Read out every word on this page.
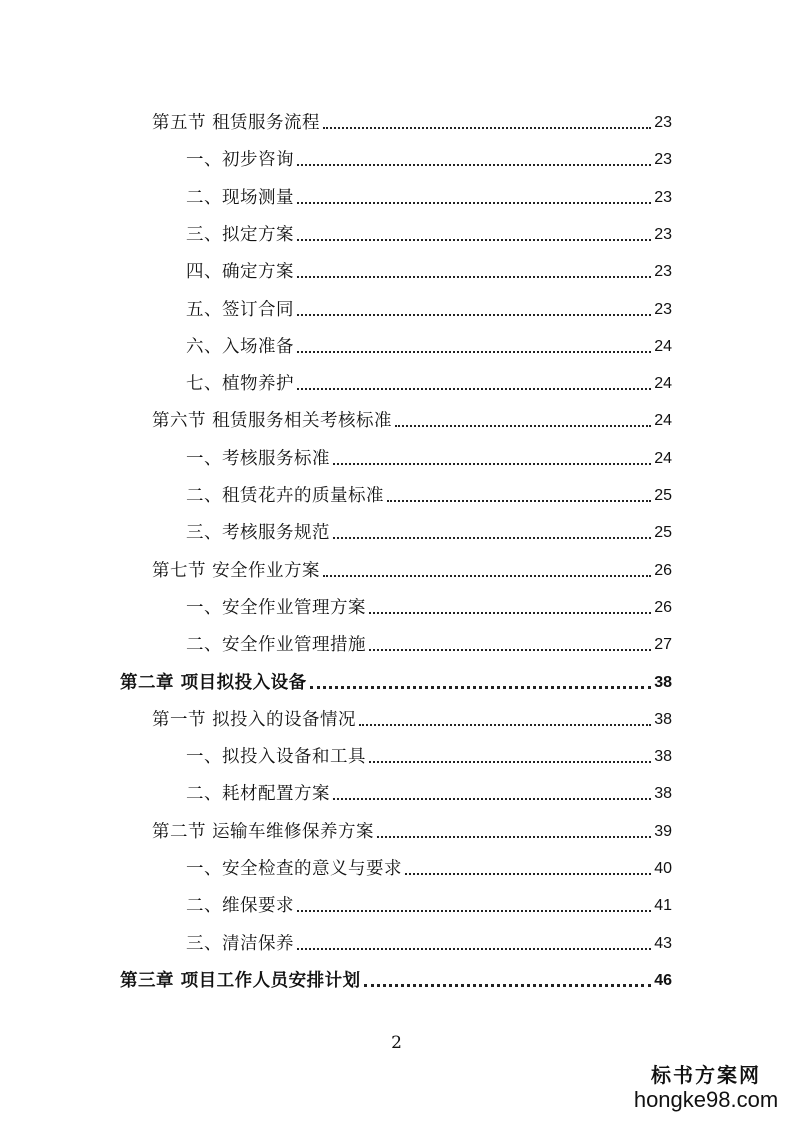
第五节 租赁服务流程	23
一、初步咨询	23
二、现场测量	23
三、拟定方案	23
四、确定方案	23
五、签订合同	23
六、入场准备	24
七、植物养护	24
第六节 租赁服务相关考核标准	24
一、考核服务标准	24
二、租赁花卉的质量标准	25
三、考核服务规范	25
第七节 安全作业方案	26
一、安全作业管理方案	26
二、安全作业管理措施	27
第二章 项目拟投入设备	38
第一节 拟投入的设备情况	38
一、拟投入设备和工具	38
二、耗材配置方案	38
第二节 运输车维修保养方案	39
一、安全检查的意义与要求	40
二、维保要求	41
三、清洁保养	43
第三章 项目工作人员安排计划	46
2
标书方案网
hongke98.com
